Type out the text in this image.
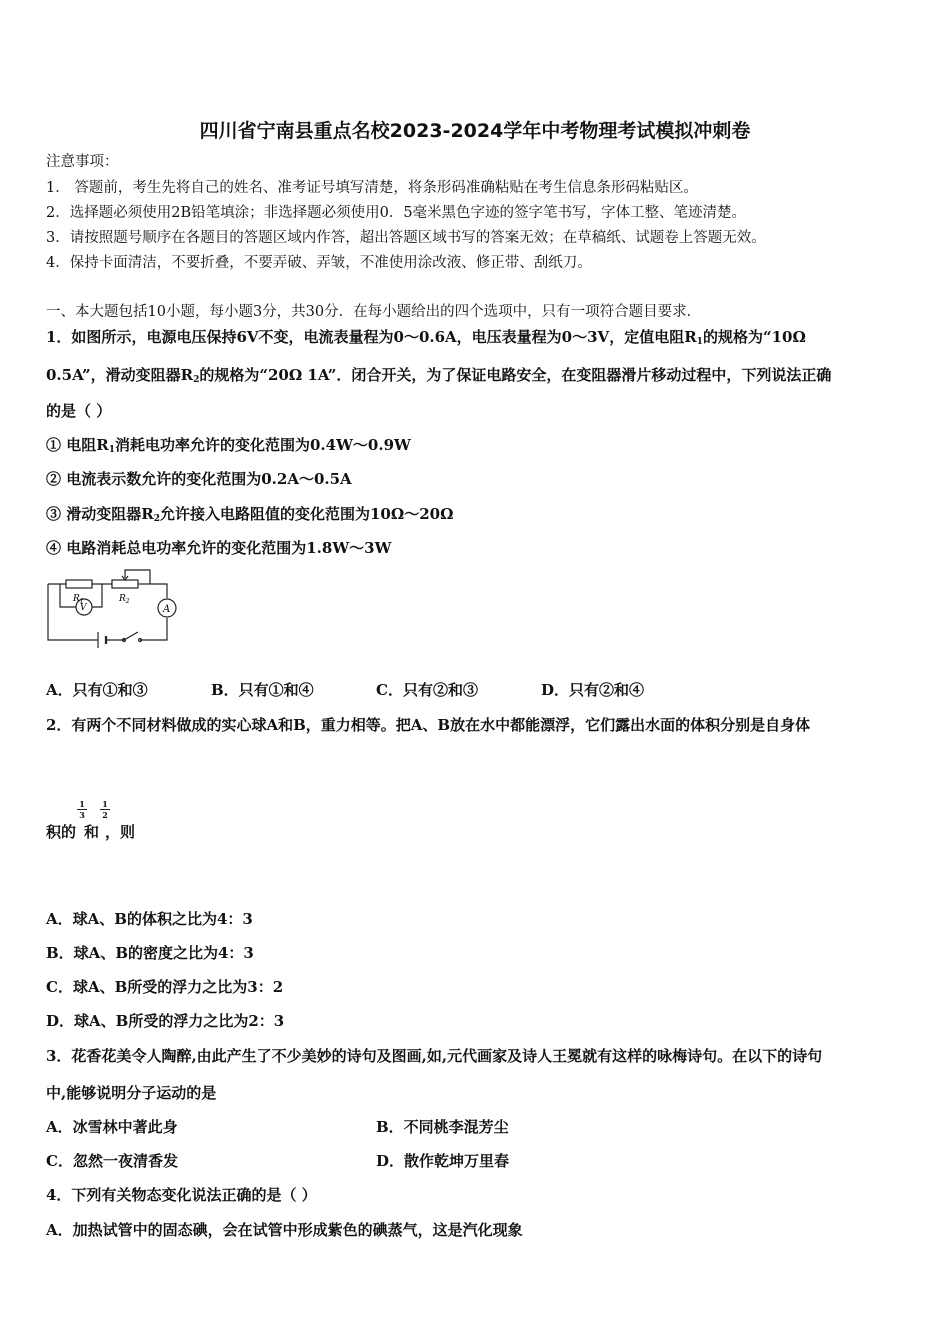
四川省宁南县重点名校2023-2024学年中考物理考试模拟冲刺卷
注意事项：
1． 答题前，考生先将自己的姓名、准考证号填写清楚，将条形码准确粘贴在考生信息条形码粘贴区。
2．选择题必须使用2B铅笔填涂；非选择题必须使用0．5毫米黑色字迹的签字笔书写，字体工整、笔迹清楚。
3．请按照题号顺序在各题目的答题区域内作答，超出答题区域书写的答案无效；在草稿纸、试题卷上答题无效。
4．保持卡面清洁，不要折叠，不要弄破、弄皱，不准使用涂改液、修正带、刮纸刀。
一、本大题包括10小题，每小题3分，共30分．在每小题给出的四个选项中，只有一项符合题目要求．
1．如图所示，电源电压保持6V不变，电流表量程为0～0.6A，电压表量程为0～3V，定值电阻$R_1$的规格为“10Ω
0.5A”，滑动变阻器$R_2$的规格为“20Ω 1A”．闭合开关，为了保证电路安全，在变阻器滑片移动过程中，下列说法正确
的是（ ）
① 电阻$R_1$消耗电功率允许的变化范围为0.4W～0.9W
② 电流表示数允许的变化范围为0.2A～0.5A
③ 滑动变阻器$R_2$允许接入电路阻值的变化范围为10Ω～20Ω
④ 电路消耗总电功率允许的变化范围为1.8W～3W
$R_1$	$R_2$
V	A
A．只有①和③	B．只有①和④	C．只有②和③	D．只有②和④
2．有两个不同材料做成的实心球A和B，重力相等。把A、B放在水中都能漂浮，它们露出水面的体积分别是自身体
1
3
1
2
积的 和 ，则
A．球A、B的体积之比为4：3
B．球A、B的密度之比为4：3
C．球A、B所受的浮力之比为3：2
D．球A、B所受的浮力之比为2：3
3．花香花美令人陶醉,由此产生了不少美妙的诗句及图画,如,元代画家及诗人王冕就有这样的咏梅诗句。在以下的诗句
中,能够说明分子运动的是
A．冰雪林中著此身	B．不同桃李混芳尘
C．忽然一夜清香发	D．散作乾坤万里春
4．下列有关物态变化说法正确的是（ ）
A．加热试管中的固态碘，会在试管中形成紫色的碘蒸气，这是汽化现象
